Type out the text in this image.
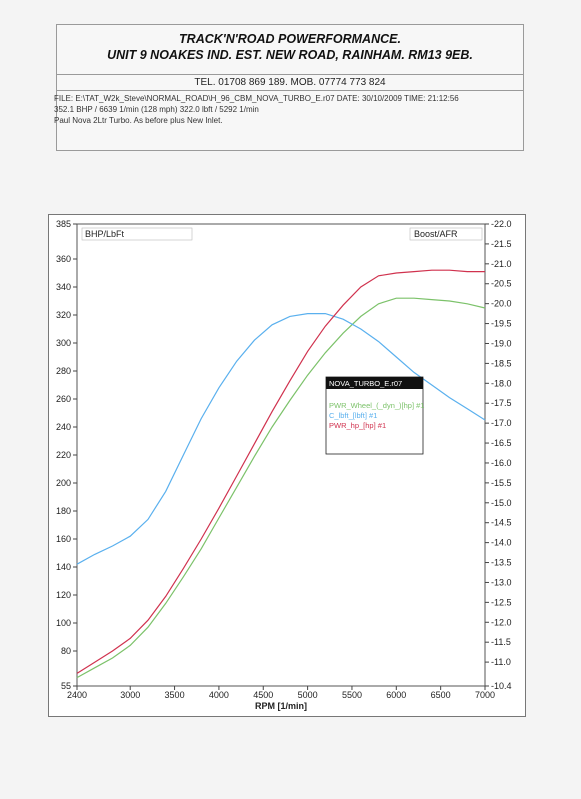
TRACK'N'ROAD POWERFORMANCE.
UNIT 9 NOAKES IND. EST. NEW ROAD, RAINHAM. RM13 9EB.
TEL. 01708 869 189. MOB. 07774 773 824
FILE: E:\TAT_W2k_Steve\NORMAL_ROAD\H_96_CBM_NOVA_TURBO_E.r07 DATE: 30/10/2009 TIME: 21:12:56
352.1 BHP / 6639 1/min (128 mph) 322.0 lbft / 5292 1/min
Paul Nova 2Ltr Turbo. As before plus New Inlet.
2400	3000	3500	4000	4500	5000	5500	6000	6500	7000
55
80
100
120
140
160
180
200
220
240
260
280
300
320
340
360
385
-10.4
-11.0
-11.5
-12.0
-12.5
-13.0
-13.5
-14.0
-14.5
-15.0
-15.5
-16.0
-16.5
-17.0
-17.5
-18.0
-18.5
-19.0
-19.5
-20.0
-20.5
-21.0
-21.5
-22.0
BHP/LbFt	Boost/AFR
RPM [1/min]
NOVA_TURBO_E.r07
PWR_Wheel_(_dyn_)[hp] #1
C_lbft_[lbft] #1
PWR_hp_[hp] #1
